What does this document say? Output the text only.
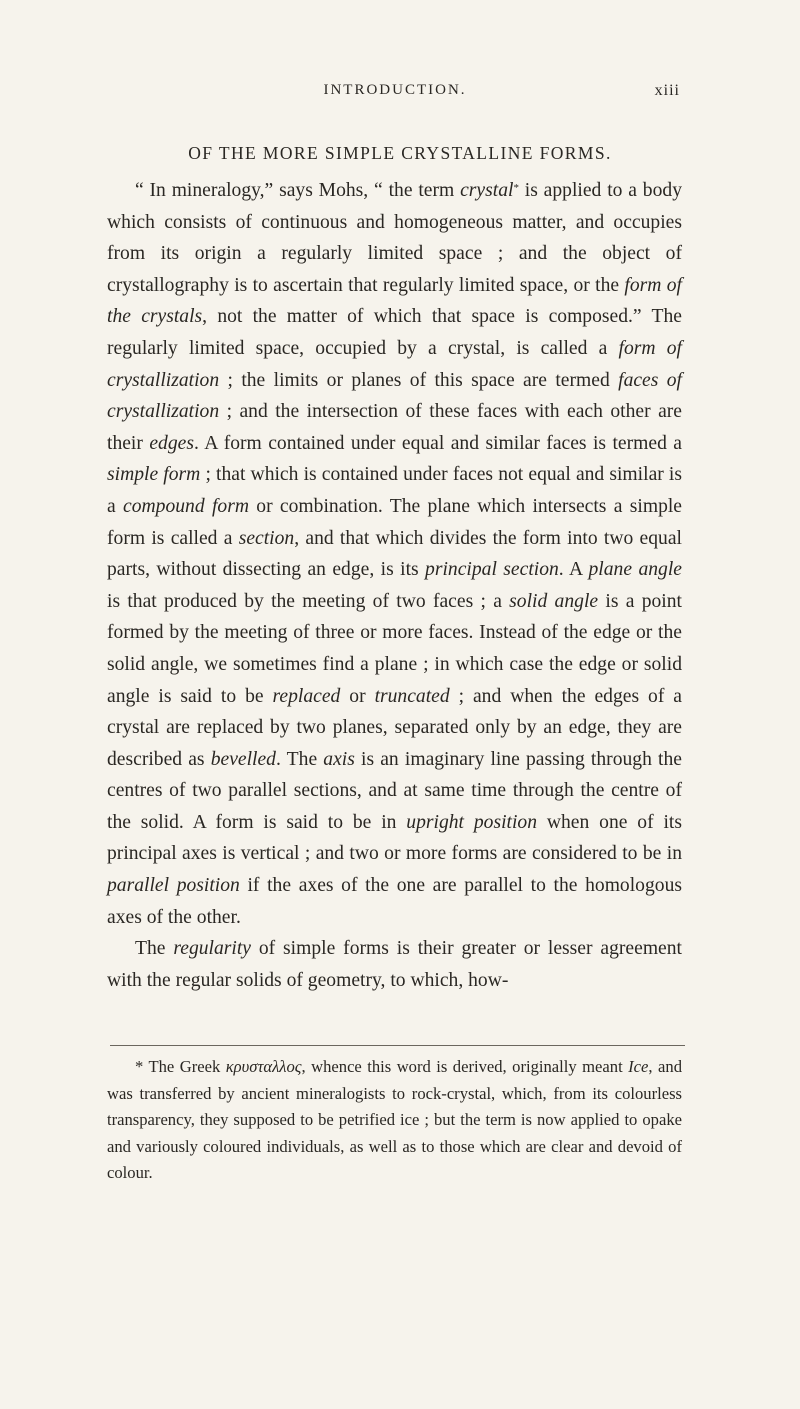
INTRODUCTION.	xiii
OF THE MORE SIMPLE CRYSTALLINE FORMS.

“ In mineralogy,” says Mohs, “ the term crystal* is applied to a body which consists of continuous and homogeneous matter, and occupies from its origin a regularly limited space ; and the object of crystallography is to ascertain that regularly limited space, or the form of the crystals, not the matter of which that space is composed.” The regularly limited space, occupied by a crystal, is called a form of crystallization ; the limits or planes of this space are termed faces of crystallization ; and the intersection of these faces with each other are their edges. A form contained under equal and similar faces is termed a simple form ; that which is contained under faces not equal and similar is a compound form or combination. The plane which intersects a simple form is called a section, and that which divides the form into two equal parts, without dissecting an edge, is its principal section. A plane angle is that produced by the meeting of two faces ; a solid angle is a point formed by the meeting of three or more faces. Instead of the edge or the solid angle, we sometimes find a plane ; in which case the edge or solid angle is said to be replaced or truncated ; and when the edges of a crystal are replaced by two planes, separated only by an edge, they are described as bevelled. The axis is an imaginary line passing through the centres of two parallel sections, and at same time through the centre of the solid. A form is said to be in upright position when one of its principal axes is vertical ; and two or more forms are considered to be in parallel position if the axes of the one are parallel to the homologous axes of the other.

The regularity of simple forms is their greater or lesser agreement with the regular solids of geometry, to which, how-

* The Greek κρυσταλλος, whence this word is derived, originally meant Ice, and was transferred by ancient mineralogists to rock-crystal, which, from its colourless transparency, they supposed to be petrified ice ; but the term is now applied to opake and variously coloured individuals, as well as to those which are clear and devoid of colour.
